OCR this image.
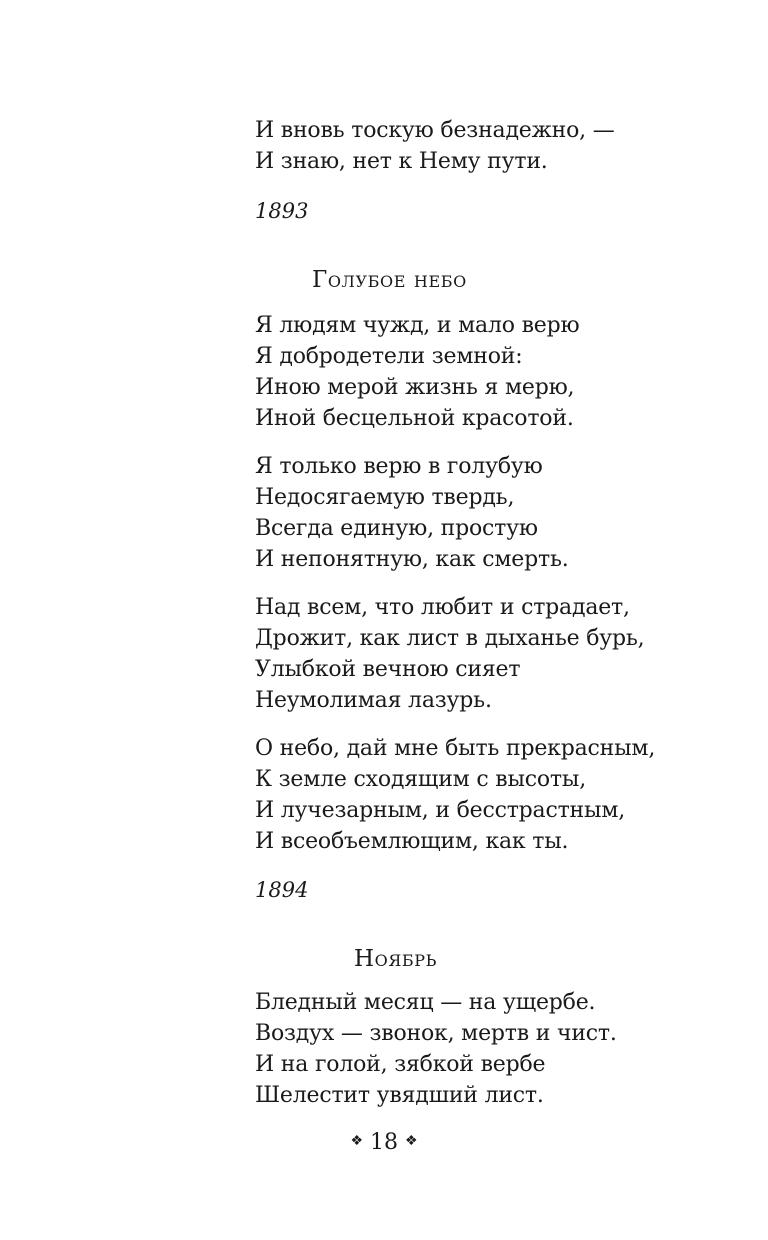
И вновь тоскую безнадежно, —
И знаю, нет к Нему пути.
1893
Голубое небо
Я людям чужд, и мало верю
Я добродетели земной:
Иною мерой жизнь я мерю,
Иной бесцельной красотой.
Я только верю в голубую
Недосягаемую твердь,
Всегда единую, простую
И непонятную, как смерть.
Над всем, что любит и страдает,
Дрожит, как лист в дыханье бурь,
Улыбкой вечною сияет
Неумолимая лазурь.
О небо, дай мне быть прекрасным,
К земле сходящим с высоты,
И лучезарным, и бесстрастным,
И всеобъемлющим, как ты.
1894
Ноябрь
Бледный месяц — на ущербе.
Воздух — звонок, мертв и чист.
И на голой, зябкой вербе
Шелестит увядший лист.
❖ 18 ❖
